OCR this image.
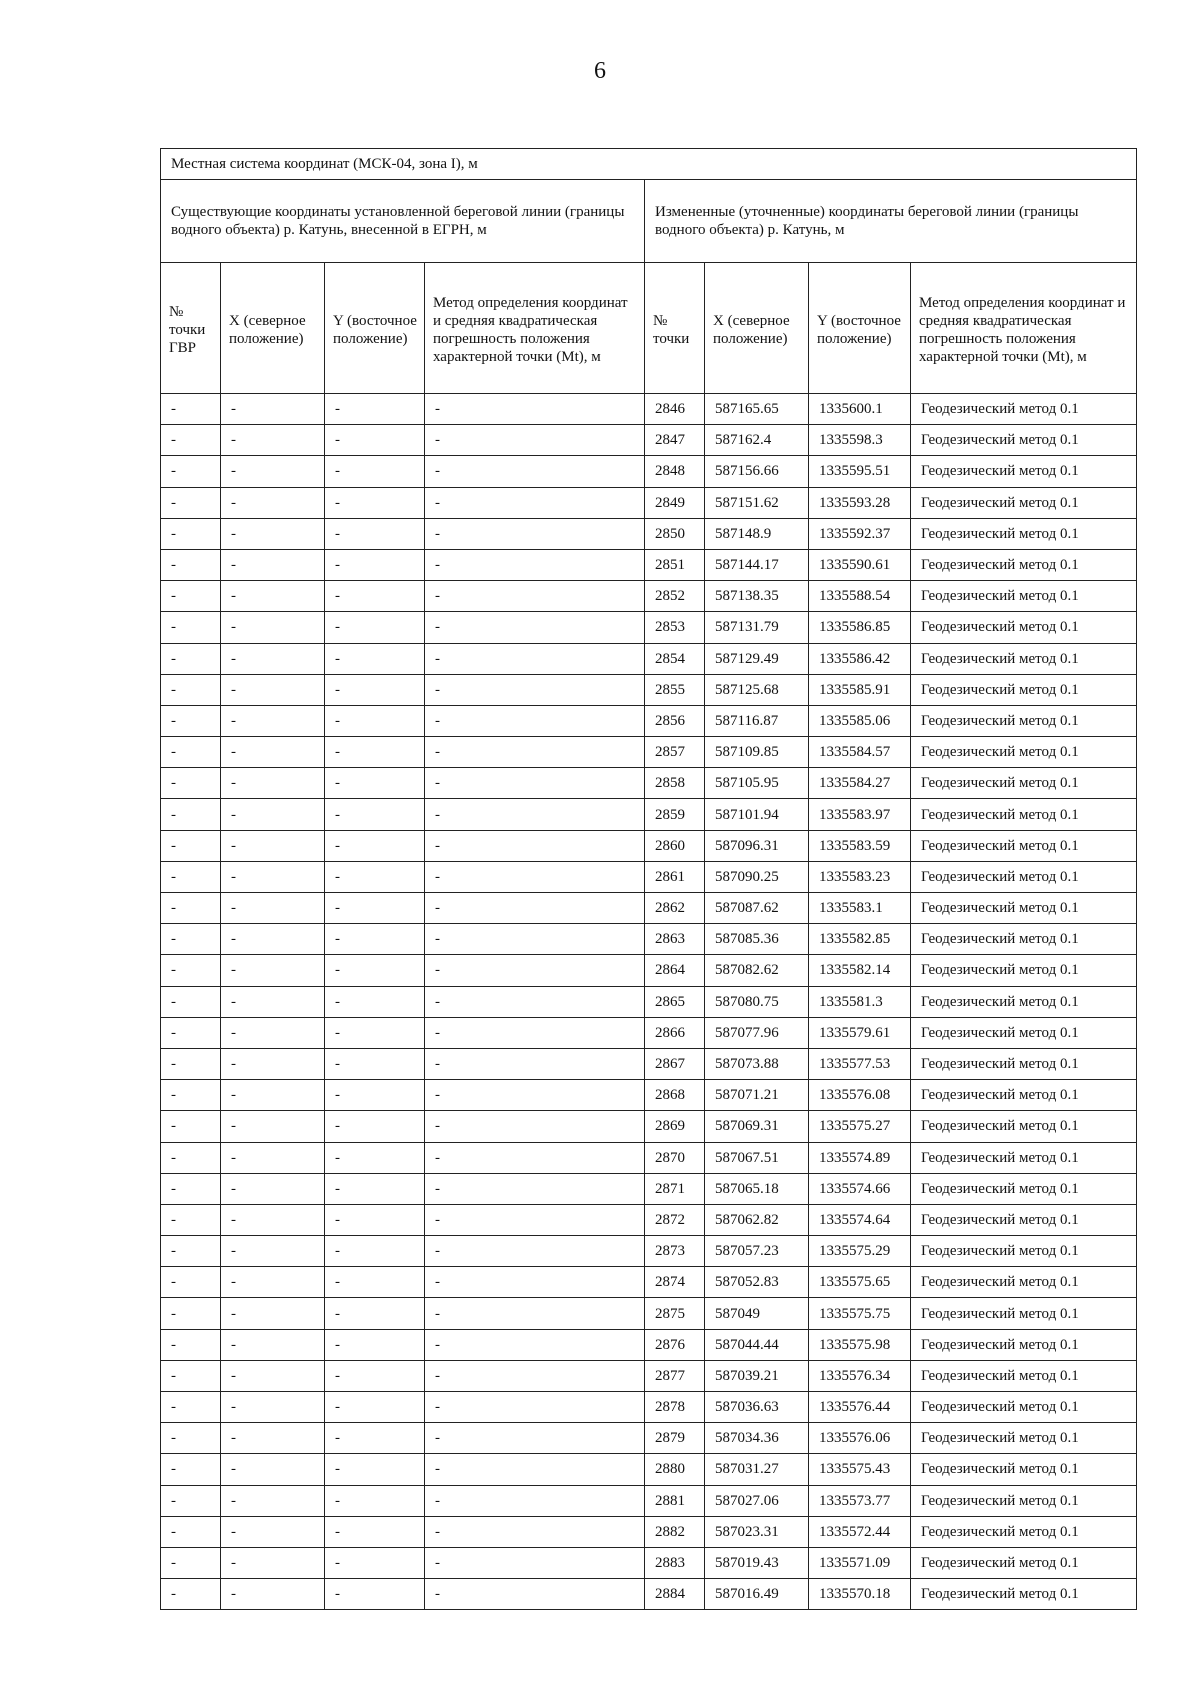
6
Местная система координат (МСК-04, зона I), м							
Существующие координаты установленной береговой линии (границы водного объекта) р. Катунь, внесенной в ЕГРН, м				Измененные (уточненные) координаты береговой линии (границы водного объекта) р. Катунь, м			
№ точки ГВР	X (северное положение)	Y (восточное положение)	Метод определения координат и средняя квадратическая погрешность положения характерной точки (Mt), м	№ точки	X (северное положение)	Y (восточное положение)	Метод определения координат и средняя квадратическая погрешность положения характерной точки (Mt), м
-	-	-	-	2846	587165.65	1335600.1	Геодезический метод 0.1
-	-	-	-	2847	587162.4	1335598.3	Геодезический метод 0.1
-	-	-	-	2848	587156.66	1335595.51	Геодезический метод 0.1
-	-	-	-	2849	587151.62	1335593.28	Геодезический метод 0.1
-	-	-	-	2850	587148.9	1335592.37	Геодезический метод 0.1
-	-	-	-	2851	587144.17	1335590.61	Геодезический метод 0.1
-	-	-	-	2852	587138.35	1335588.54	Геодезический метод 0.1
-	-	-	-	2853	587131.79	1335586.85	Геодезический метод 0.1
-	-	-	-	2854	587129.49	1335586.42	Геодезический метод 0.1
-	-	-	-	2855	587125.68	1335585.91	Геодезический метод 0.1
-	-	-	-	2856	587116.87	1335585.06	Геодезический метод 0.1
-	-	-	-	2857	587109.85	1335584.57	Геодезический метод 0.1
-	-	-	-	2858	587105.95	1335584.27	Геодезический метод 0.1
-	-	-	-	2859	587101.94	1335583.97	Геодезический метод 0.1
-	-	-	-	2860	587096.31	1335583.59	Геодезический метод 0.1
-	-	-	-	2861	587090.25	1335583.23	Геодезический метод 0.1
-	-	-	-	2862	587087.62	1335583.1	Геодезический метод 0.1
-	-	-	-	2863	587085.36	1335582.85	Геодезический метод 0.1
-	-	-	-	2864	587082.62	1335582.14	Геодезический метод 0.1
-	-	-	-	2865	587080.75	1335581.3	Геодезический метод 0.1
-	-	-	-	2866	587077.96	1335579.61	Геодезический метод 0.1
-	-	-	-	2867	587073.88	1335577.53	Геодезический метод 0.1
-	-	-	-	2868	587071.21	1335576.08	Геодезический метод 0.1
-	-	-	-	2869	587069.31	1335575.27	Геодезический метод 0.1
-	-	-	-	2870	587067.51	1335574.89	Геодезический метод 0.1
-	-	-	-	2871	587065.18	1335574.66	Геодезический метод 0.1
-	-	-	-	2872	587062.82	1335574.64	Геодезический метод 0.1
-	-	-	-	2873	587057.23	1335575.29	Геодезический метод 0.1
-	-	-	-	2874	587052.83	1335575.65	Геодезический метод 0.1
-	-	-	-	2875	587049	1335575.75	Геодезический метод 0.1
-	-	-	-	2876	587044.44	1335575.98	Геодезический метод 0.1
-	-	-	-	2877	587039.21	1335576.34	Геодезический метод 0.1
-	-	-	-	2878	587036.63	1335576.44	Геодезический метод 0.1
-	-	-	-	2879	587034.36	1335576.06	Геодезический метод 0.1
-	-	-	-	2880	587031.27	1335575.43	Геодезический метод 0.1
-	-	-	-	2881	587027.06	1335573.77	Геодезический метод 0.1
-	-	-	-	2882	587023.31	1335572.44	Геодезический метод 0.1
-	-	-	-	2883	587019.43	1335571.09	Геодезический метод 0.1
-	-	-	-	2884	587016.49	1335570.18	Геодезический метод 0.1
